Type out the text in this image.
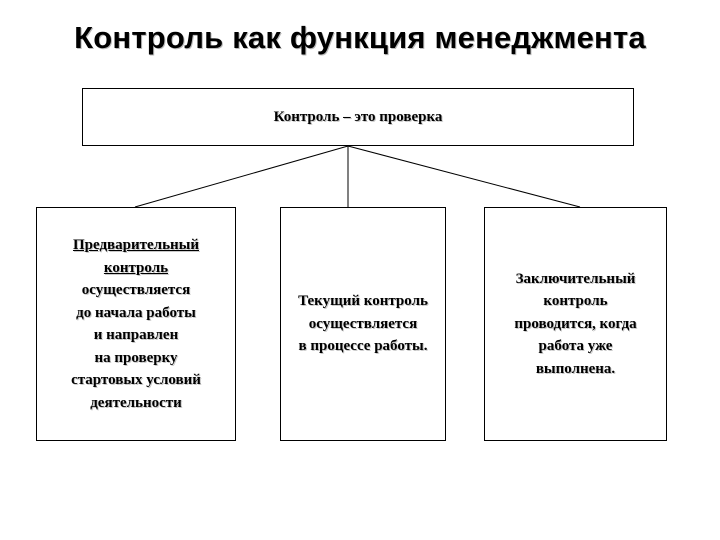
Контроль как функция менеджмента
Контроль – это проверка
Предварительный
контроль
осуществляется
до начала работы
и направлен
на проверку
стартовых условий
деятельности
Текущий контроль
осуществляется
в процессе работы.
Заключительный
контроль
проводится, когда
работа уже
выполнена.
